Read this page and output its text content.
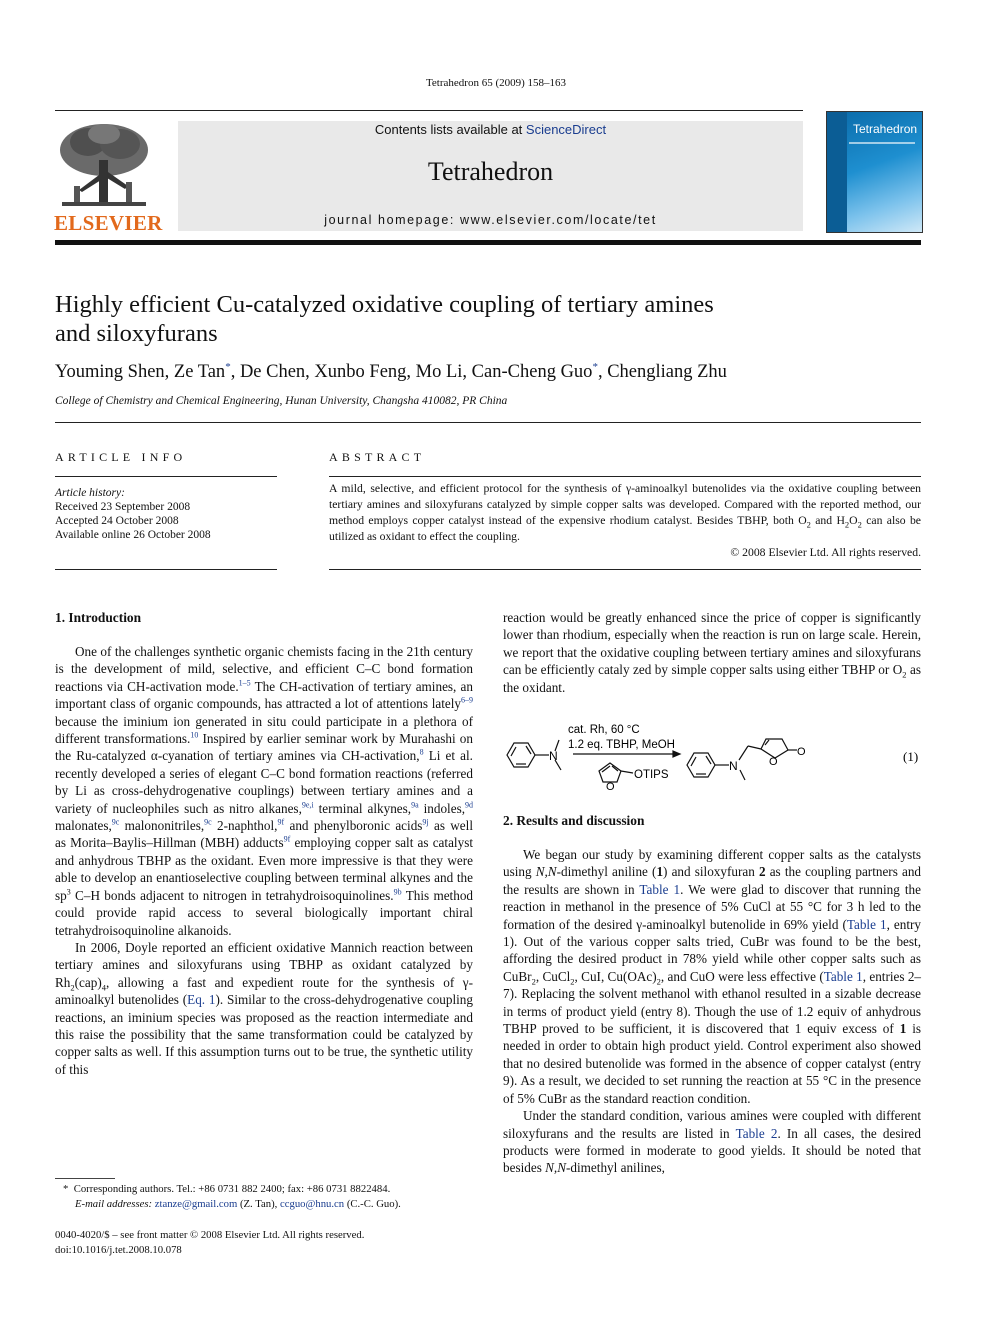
Tetrahedron 65 (2009) 158–163
ELSEVIER
Contents lists available at ScienceDirect
Tetrahedron
journal homepage: www.elsevier.com/locate/tet
Tetrahedron
Highly efficient Cu-catalyzed oxidative coupling of tertiary amines
and siloxyfurans
Youming Shen, Ze Tan*, De Chen, Xunbo Feng, Mo Li, Can-Cheng Guo*, Chengliang Zhu
College of Chemistry and Chemical Engineering, Hunan University, Changsha 410082, PR China
ARTICLE INFO
Article history:
Received 23 September 2008
Accepted 24 October 2008
Available online 26 October 2008
ABSTRACT

A mild, selective, and efficient protocol for the synthesis of γ-aminoalkyl butenolides via the oxidative coupling between tertiary amines and siloxyfurans catalyzed by simple copper salts was developed. Compared with the reported method, our method employs copper catalyst instead of the expensive rhodium catalyst. Besides TBHP, both $O_2$ and $H_2O_2$ can also be utilized as oxidant to effect the coupling.

© 2008 Elsevier Ltd. All rights reserved.

1. Introduction

One of the challenges synthetic organic chemists facing in the 21th century is the development of mild, selective, and efficient C–C bond formation reactions via CH-activation mode.$^{1-5}$ The CH-activation of tertiary amines, an important class of organic compounds, has attracted a lot of attentions lately$^{6-9}$ because the iminium ion generated in situ could participate in a plethora of different transformations.$^{10}$ Inspired by earlier seminar work by Murahashi on the Ru-catalyzed α-cyanation of tertiary amines via CH-activation,$^8$ Li et al. recently developed a series of elegant C–C bond formation reactions (referred by Li as cross-dehydrogenative couplings) between tertiary amines and a variety of nucleophiles such as nitro alkanes,$^{9e,i}$ terminal alkynes,$^{9a}$ indoles,$^{9d}$ malonates,$^{9c}$ malononitriles,$^{9c}$ 2-naphthol,$^{9f}$ and phenylboronic acids$^{9j}$ as well as Morita–Baylis–Hillman (MBH) adducts$^{9f}$ employing copper salt as catalyst and anhydrous TBHP as the oxidant. Even more impressive is that they were able to develop an enantioselective coupling between terminal alkynes and the $sp^3$ C–H bonds adjacent to nitrogen in tetrahydroisoquinolines.$^{9b}$ This method could provide rapid access to several biologically important chiral tetrahydroisoquinoline alkanoids.

In 2006, Doyle reported an efficient oxidative Mannich reaction between tertiary amines and siloxyfurans using TBHP as oxidant catalyzed by $Rh_2(cap)_4$, allowing a fast and expedient route for the synthesis of γ-aminoalkyl butenolides (Eq. 1). Similar to the cross-dehydrogenative coupling reactions, an iminium species was proposed as the reaction intermediate and this raise the possibility that the same transformation could be catalyzed by copper salts as well. If this assumption turns out to be true, the synthetic utility of this

* Corresponding authors. Tel.: +86 0731 882 2400; fax: +86 0731 8822484.
E-mail addresses: ztanze@gmail.com (Z. Tan), ccguo@hnu.cn (C.-C. Guo).
0040-4020/$ – see front matter © 2008 Elsevier Ltd. All rights reserved.
doi:10.1016/j.tet.2008.10.078

reaction would be greatly enhanced since the price of copper is significantly lower than rhodium, especially when the reaction is run on large scale. Herein, we report that the oxidative coupling between tertiary amines and siloxyfurans can be efficiently cataly zed by simple copper salts using either TBHP or $O_2$ as the oxidant.

N
cat. Rh, 60 °C
1.2 eq. TBHP, MeOH
O
OTIPS
N	O
O	(1)
2. Results and discussion

We began our study by examining different copper salts as the catalysts using N,N-dimethyl aniline (1) and siloxyfuran 2 as the coupling partners and the results are shown in Table 1. We were glad to discover that running the reaction in methanol in the presence of 5% CuCl at 55 °C for 3 h led to the formation of the desired γ-aminoalkyl butenolide in 69% yield (Table 1, entry 1). Out of the various copper salts tried, CuBr was found to be the best, affording the desired product in 78% yield while other copper salts such as CuBr$_2$, CuCl$_2$, CuI, $Cu(OAc)_2$, and CuO were less effective (Table 1, entries 2–7). Replacing the solvent methanol with ethanol resulted in a sizable decrease in terms of product yield (entry 8). Though the use of 1.2 equiv of anhydrous TBHP proved to be sufficient, it is discovered that 1 equiv excess of 1 is needed in order to obtain high product yield. Control experiment also showed that no desired butenolide was formed in the absence of copper catalyst (entry 9). As a result, we decided to set running the reaction at 55 °C in the presence of 5% CuBr as the standard reaction condition.

Under the standard condition, various amines were coupled with different siloxyfurans and the results are listed in Table 2. In all cases, the desired products were formed in moderate to good yields. It should be noted that besides N,N-dimethyl anilines,
